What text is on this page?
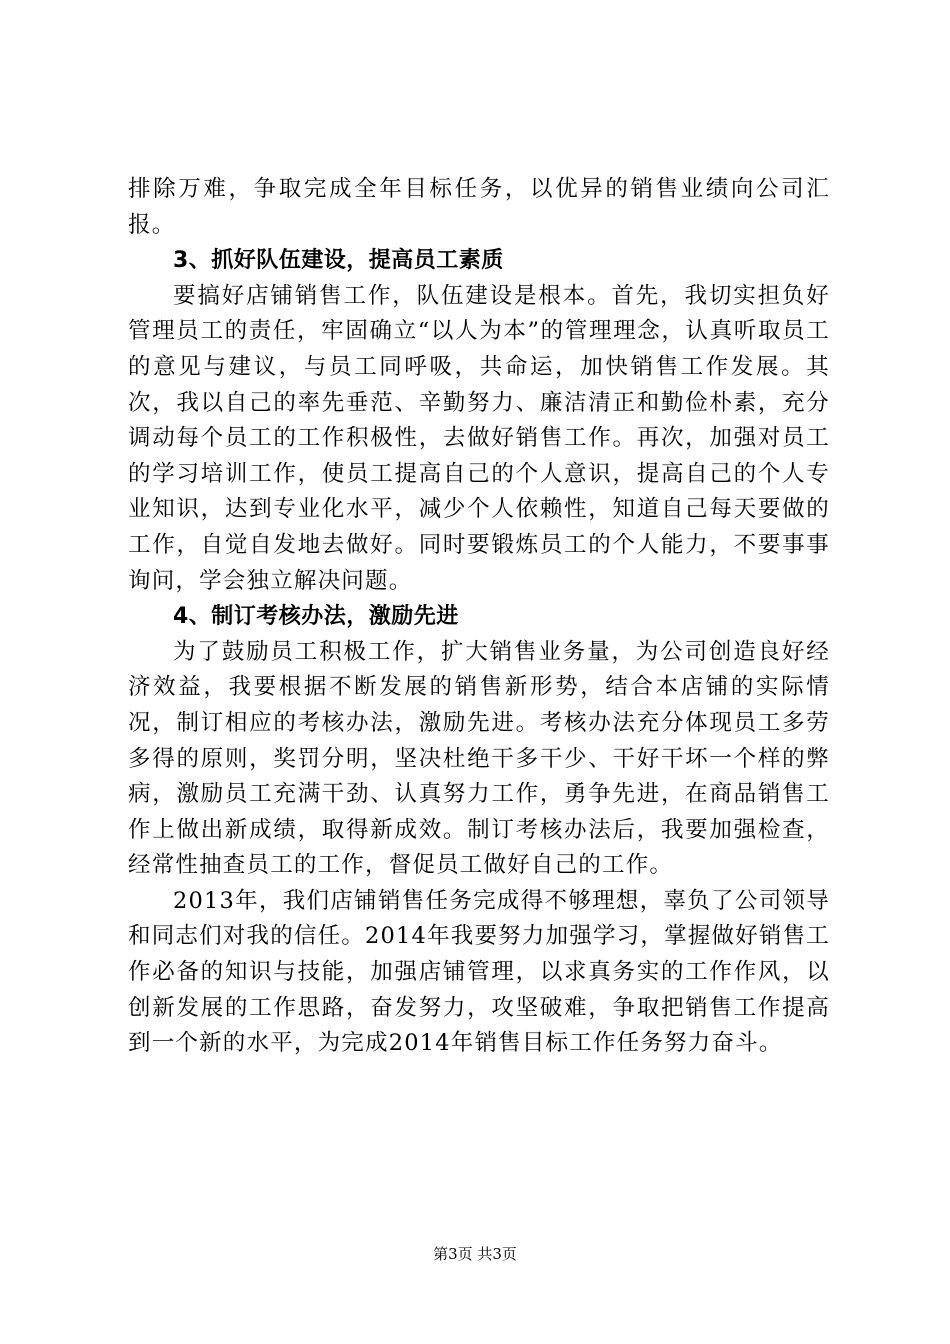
排除万难，争取完成全年目标任务，以优异的销售业绩向公司汇报。

3、抓好队伍建设，提高员工素质

要搞好店铺销售工作，队伍建设是根本。首先，我切实担负好管理员工的责任，牢固确立“以人为本”的管理理念，认真听取员工的意见与建议，与员工同呼吸，共命运，加快销售工作发展。其次，我以自己的率先垂范、辛勤努力、廉洁清正和勤俭朴素，充分调动每个员工的工作积极性，去做好销售工作。再次，加强对员工的学习培训工作，使员工提高自己的个人意识，提高自己的个人专业知识，达到专业化水平，减少个人依赖性，知道自己每天要做的工作，自觉自发地去做好。同时要锻炼员工的个人能力，不要事事询问，学会独立解决问题。

4、制订考核办法，激励先进

为了鼓励员工积极工作，扩大销售业务量，为公司创造良好经济效益，我要根据不断发展的销售新形势，结合本店铺的实际情况，制订相应的考核办法，激励先进。考核办法充分体现员工多劳多得的原则，奖罚分明，坚决杜绝干多干少、干好干坏一个样的弊病，激励员工充满干劲、认真努力工作，勇争先进，在商品销售工作上做出新成绩，取得新成效。制订考核办法后，我要加强检查，经常性抽查员工的工作，督促员工做好自己的工作。

2013年，我们店铺销售任务完成得不够理想，辜负了公司领导和同志们对我的信任。2014年我要努力加强学习，掌握做好销售工作必备的知识与技能，加强店铺管理，以求真务实的工作作风，以创新发展的工作思路，奋发努力，攻坚破难，争取把销售工作提高到一个新的水平，为完成2014年销售目标工作任务努力奋斗。

第3页 共3页
